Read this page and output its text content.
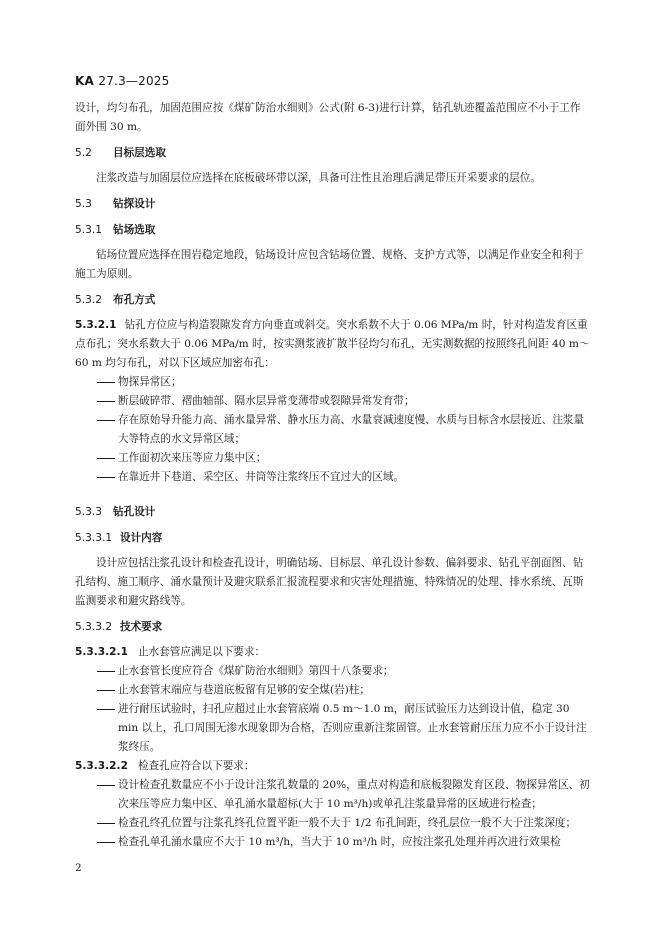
KA 27.3—2025

设计，均匀布孔，加固范围应按《煤矿防治水细则》公式(附 6-3)进行计算，钻孔轨迹覆盖范围应不小于工作面外围 30 m。

5.2 目标层选取

注浆改造与加固层位应选择在底板破坏带以深，具备可注性且治理后满足带压开采要求的层位。

5.3 钻探设计
5.3.1 钻场选取

钻场位置应选择在围岩稳定地段，钻场设计应包含钻场位置、规格、支护方式等，以满足作业安全和利于施工为原则。

5.3.2 布孔方式

5.3.2.1 钻孔方位应与构造裂隙发育方向垂直或斜交。突水系数不大于 0.06 MPa/m 时，针对构造发育区重点布孔；突水系数大于 0.06 MPa/m 时，按实测浆液扩散半径均匀布孔，无实测数据的按照终孔间距 40 m～60 m 均匀布孔，对以下区域应加密布孔：

物探异常区；

断层破碎带、褶曲轴部、隔水层异常变薄带或裂隙异常发育带；

存在原始导升能力高、涌水量异常、静水压力高、水量衰减速度慢、水质与目标含水层接近、注浆量大等特点的水文异常区域；

工作面初次来压等应力集中区；

在靠近井下巷道、采空区、井筒等注浆终压不宜过大的区域。

5.3.3 钻孔设计
5.3.3.1 设计内容

设计应包括注浆孔设计和检查孔设计，明确钻场、目标层、单孔设计参数、偏斜要求、钻孔平剖面图、钻孔结构、施工顺序、涌水量预计及避灾联系汇报流程要求和灾害处理措施、特殊情况的处理、排水系统、瓦斯监测要求和避灾路线等。

5.3.3.2 技术要求

5.3.3.2.1 止水套管应满足以下要求：

止水套管长度应符合《煤矿防治水细则》第四十八条要求；

止水套管末端应与巷道底板留有足够的安全煤(岩)柱；

进行耐压试验时，扫孔应超过止水套管底端 0.5 m～1.0 m，耐压试验压力达到设计值，稳定 30 min 以上，孔口周围无渗水现象即为合格，否则应重新注浆固管。止水套管耐压压力应不小于设计注浆终压。

5.3.3.2.2 检查孔应符合以下要求：

设计检查孔数量应不小于设计注浆孔数量的 20%，重点对构造和底板裂隙发育区段、物探异常区、初次来压等应力集中区、单孔涌水量超标(大于 10 m³/h)或单孔注浆量异常的区域进行检查；

检查孔终孔位置与注浆孔终孔位置平距一般不大于 1/2 布孔间距，终孔层位一般不大于注浆深度；

检查孔单孔涌水量应不大于 10 m³/h，当大于 10 m³/h 时，应按注浆孔处理并再次进行效果检

2
